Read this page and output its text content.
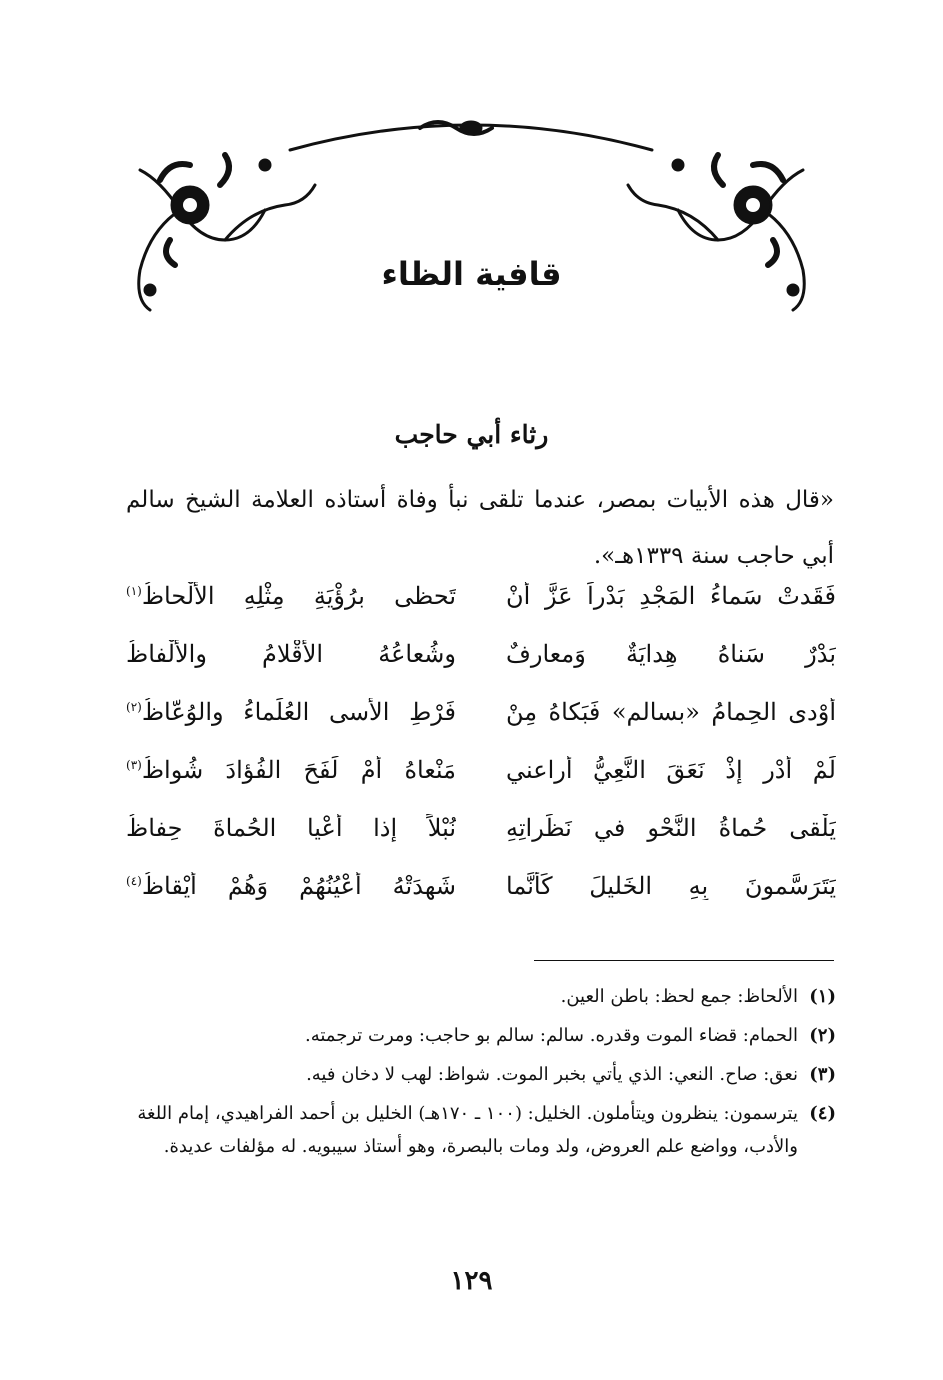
قافية الظاء
رثاء أبي حاجب
«قال هذه الأبيات بمصر، عندما تلقى نبأ وفاة أستاذه العلامة الشيخ سالم أبي حاجب سنة ١٣٣٩هـ».
فَقَدتْ سَماءُ المَجْدِ بَدْراً عَزَّ أَنْ
تَحظى برُؤْيَةِ مِثْلِهِ الأَلْحاظُ$^{(١)}$
بَدْرٌ سَناهُ هِدايَةٌ وَمعارِفٌ
وشُعاعُهُ الأَقْلامُ والأَلْفاظُ
أَوْدى الحِمامُ «بسالمٍ» فَبَكاهُ مِنْ
فَرْطِ الأسى العُلَماءُ والوُعّاظُ$^{(٢)}$
لَمْ أَدْرِ إذْ نَعَقَ النَّعِيُّ أَراعني
مَنْعاهُ أَمْ لَفَحَ الفُؤادَ شُواظُ$^{(٣)}$
يَلْقى حُماةُ النَّحْوِ في نَظَراتِهِ
نُبْلاً إذا أَعْيا الحُماةَ حِفاظُ
يَتَرَسَّمونَ بِهِ الخَليلَ كَأَنَّما
شَهِدَتْهُ أَعْيُنُهُمْ وَهُمْ أَيْقاظُ$^{(٤)}$
(١)
الألحاظ: جمع لحظ: باطن العين.
(٢)
الحمام: قضاء الموت وقدره. سالم: سالم بو حاجب: ومرت ترجمته.
(٣)
نعق: صاح. النعي: الذي يأتي بخبر الموت. شواظ: لهب لا دخان فيه.
(٤)
يترسمون: ينظرون ويتأملون. الخليل: (١٠٠ ـ ١٧٠هـ) الخليل بن أحمد الفراهيدي، إمام اللغة والأدب، وواضع علم العروض، ولد ومات بالبصرة، وهو أستاذ سيبويه. له مؤلفات عديدة.
١٢٩
